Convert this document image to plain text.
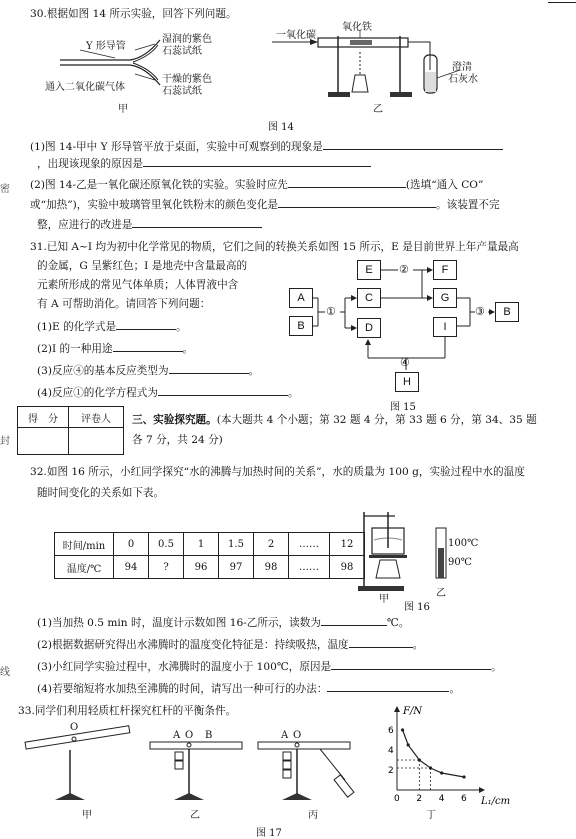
密
封
线
30.根据如图 14 所示实验，回答下列问题。
Y 形导管
湿润的紫色
石蕊试纸
干燥的紫色
石蕊试纸
通入二氧化碳气体
甲
一氧化碳
氧化铁
澄清
石灰水
乙
图 14
(1)图 14-甲中 Y 形导管平放于桌面，实验中可观察到的现象是
，出现该现象的原因是
(2)图 14-乙是一氧化碳还原氧化铁的实验。实验时应先	(选填“通入 CO”
或“加热”)，实验中玻璃管里氧化铁粉末的颜色变化是	。该装置不完
整，应进行的改进是
31.已知 A~I 均为初中化学常见的物质，它们之间的转换关系如图 15 所示，E 是目前世界上年产量最高
的金属，G 呈紫红色；I 是地壳中含量最高的
元素所形成的常见气体单质；人体胃液中含
有 A 可帮助消化。请回答下列问题：
(1)E 的化学式是	。
(2)I 的一种用途	。
(3)反应④的基本反应类型为	。
(4)反应①的化学方程式为	。
A
B
C
D
E	F
G
H
I
B
①
②
③
④
图 15
得　分	评卷人
	三、实验探究题。(本大题共 4 个小题；第 32 题 4 分，第 33 题 6 分，第 34、35 题
各 7 分，共 24 分)
32.如图 16 所示，小红同学探究“水的沸腾与加热时间的关系”，水的质量为 100 g，实验过程中水的温度
随时间变化的关系如下表。
时间/min	0	0.5	1	1.5	2	……	12
温度/℃	94	?	96	97	98	……	98
100℃
90℃
甲
乙
图 16
(1)当加热 0.5 min 时，温度计示数如图 16-乙所示，读数为	℃。
(2)根据数据研究得出水沸腾时的温度变化特征是：持续吸热，温度	。
(3)小红同学实验过程中，水沸腾时的温度小于 100℃，原因是	。
(4)若要缩短将水加热至沸腾的时间，请写出一种可行的办法：	。
33.同学们利用轻质杠杆探究杠杆的平衡条件。
O
A O B	A O
甲	乙	丙	丁
图 17
F/N
L₁/cm
0 2 4 6
2
4
6
